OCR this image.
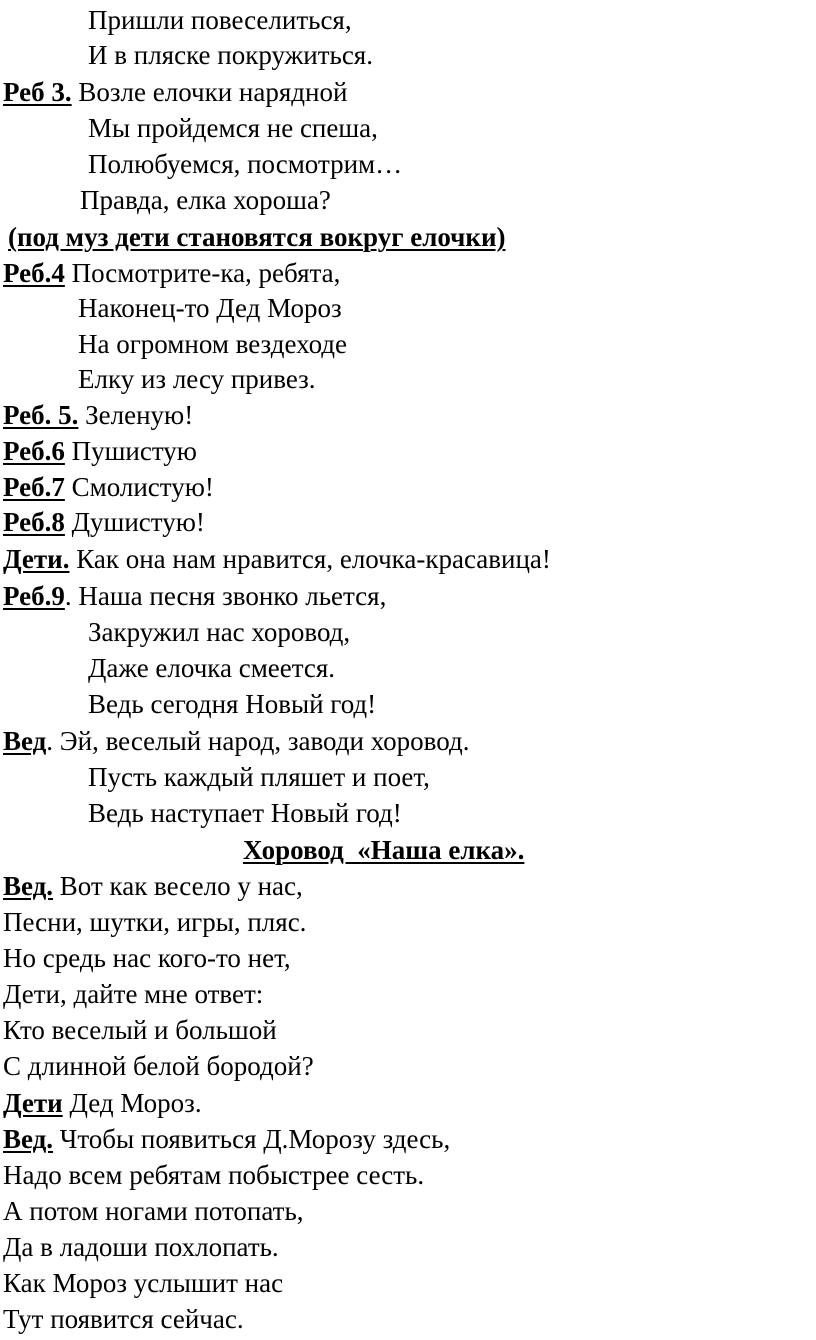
Пришли повеселиться,
И в пляске покружиться.
Реб 3. Возле елочки нарядной
Мы пройдемся не спеша,
Полюбуемся, посмотрим…
Правда, елка хороша?
(под муз дети становятся вокруг елочки)
Реб.4 Посмотрите-ка, ребята,
Наконец-то Дед Мороз
На огромном вездеходе
Елку из лесу привез.
Реб. 5. Зеленую!
Реб.6 Пушистую
Реб.7 Смолистую!
Реб.8 Душистую!
Дети. Как она нам нравится, елочка-красавица!
Реб.9. Наша песня звонко льется,
Закружил нас хоровод,
Даже елочка смеется.
Ведь сегодня Новый год!
Вед. Эй, веселый народ, заводи хоровод.
Пусть каждый пляшет и поет,
Ведь наступает Новый год!
Хоровод  «Наша елка».
Вед. Вот как весело у нас,
Песни, шутки, игры, пляс.
Но средь нас кого-то нет,
Дети, дайте мне ответ:
Кто веселый и большой
С длинной белой бородой?
Дети Дед Мороз.
Вед. Чтобы появиться Д.Морозу здесь,
Надо всем ребятам побыстрее сесть.
А потом ногами потопать,
Да в ладоши похлопать.
Как Мороз услышит нас
Тут появится сейчас.
